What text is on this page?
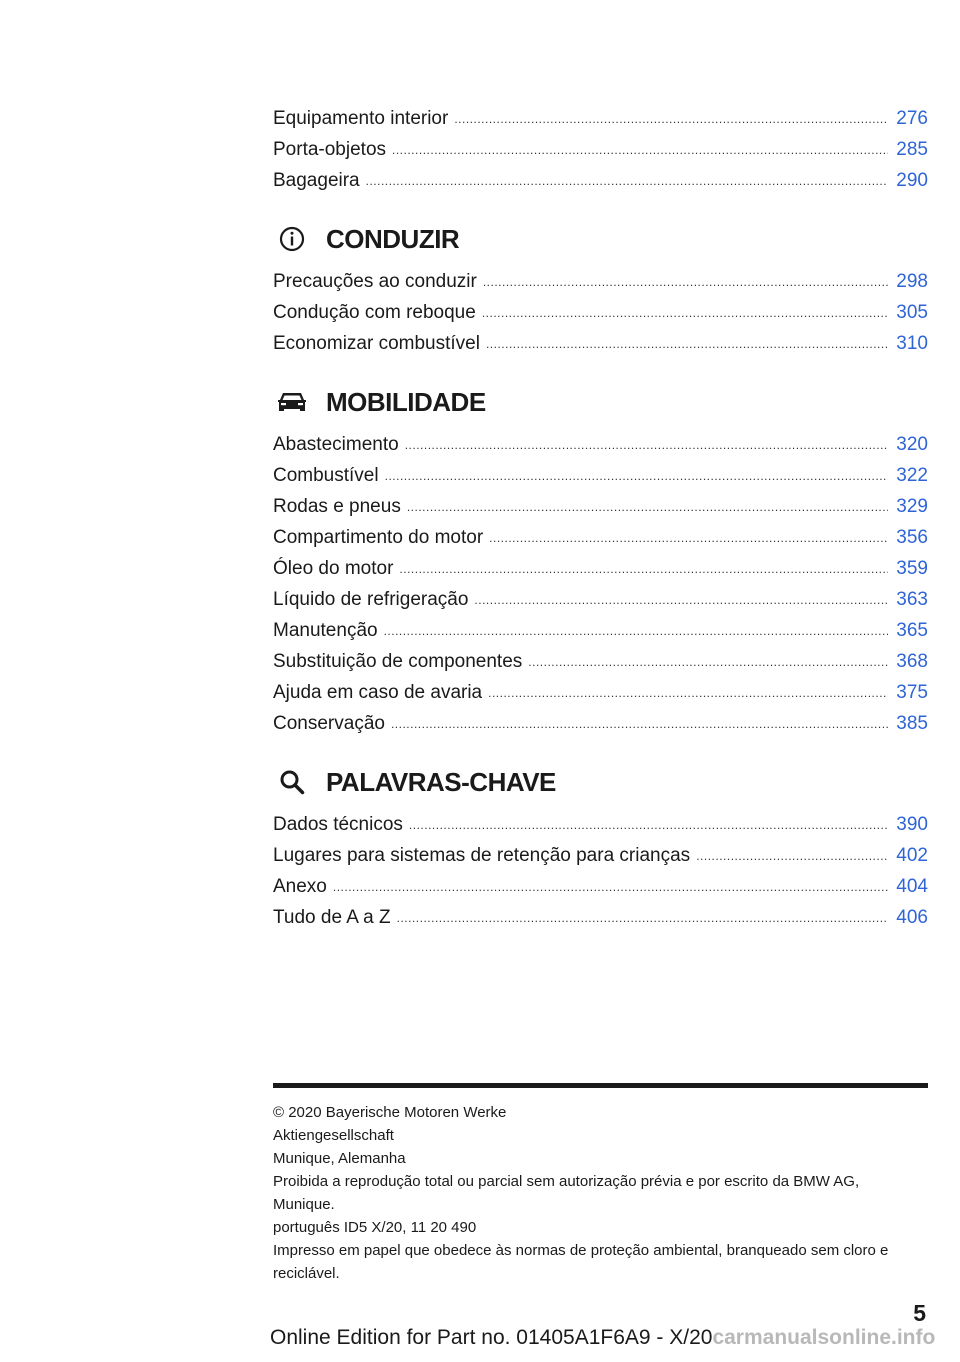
Equipamento interior .....	276
Porta-objetos .....	285
Bagageira .....	290
CONDUZIR
Precauções ao conduzir .....	298
Condução com reboque .....	305
Economizar combustível .....	310
MOBILIDADE
Abastecimento .....	320
Combustível .....	322
Rodas e pneus .....	329
Compartimento do motor .....	356
Óleo do motor .....	359
Líquido de refrigeração .....	363
Manutenção .....	365
Substituição de componentes .....	368
Ajuda em caso de avaria .....	375
Conservação .....	385
PALAVRAS-CHAVE
Dados técnicos .....	390
Lugares para sistemas de retenção para crianças .....	402
Anexo .....	404
Tudo de A a Z .....	406
© 2020 Bayerische Motoren Werke
Aktiengesellschaft
Munique, Alemanha
Proibida a reprodução total ou parcial sem autorização prévia e por escrito da BMW AG,
Munique.
português ID5 X/20, 11 20 490
Impresso em papel que obedece às normas de proteção ambiental, branqueado sem cloro e
reciclável.
5
Online Edition for Part no. 01405A1F6A9 - X/20carmanualsonline.info
